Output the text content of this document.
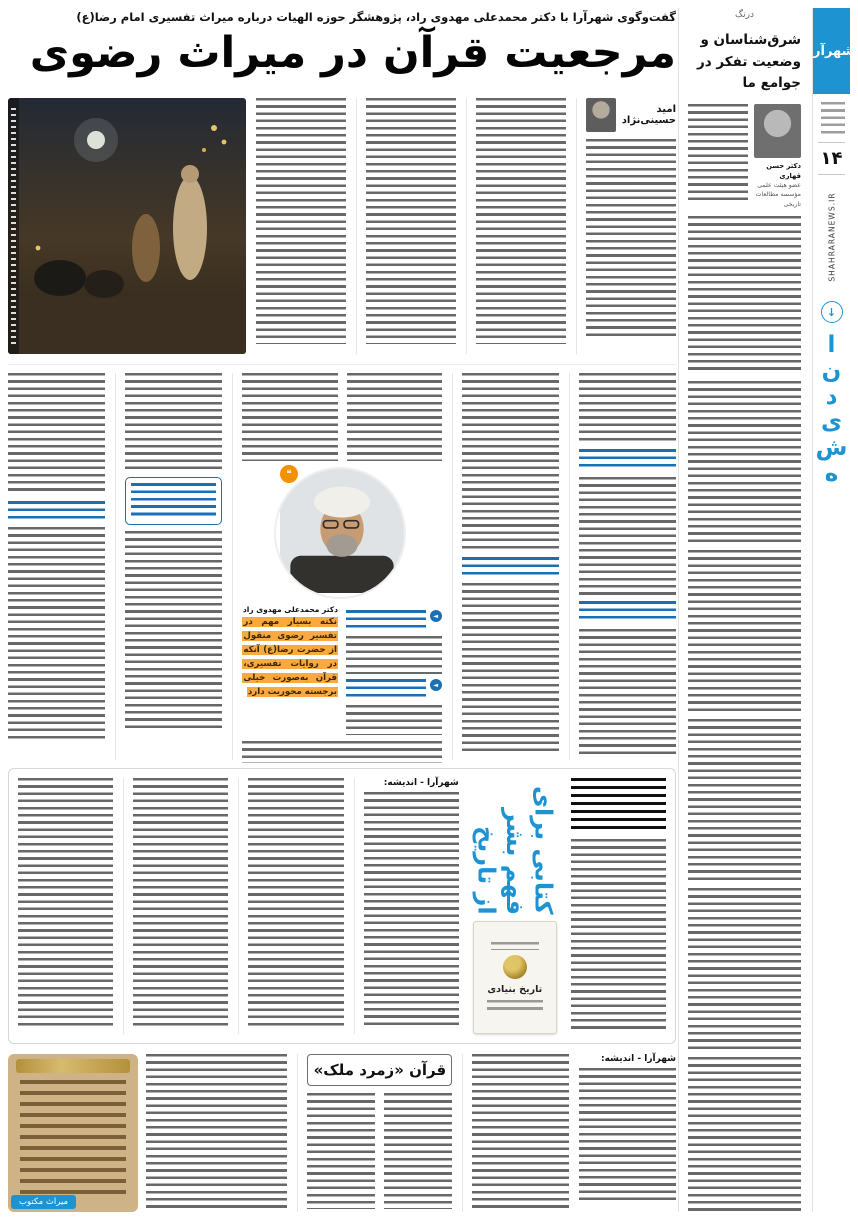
شهرآرا
۱۴
SHAHRARANEWS.IR
↓
ا
ن
د
ی
ش
ه
درنگ
شرق‌شناسان و وضعیت تفکر در جوامع ما
دکتر حسن قهاری
عضو هیئت علمی
مؤسسه مطالعات تاریخی
گفت‌وگوی شهرآرا با دکتر محمدعلی مهدوی راد، پژوهشگر حوزه الهیات درباره میراث تفسیری امام رضا(ع)
مرجعیت قرآن در میراث رضوی
امید حسینی‌نژاد
❝
◄
◄
دکتر محمدعلی مهدوی راد
نکته بسیار مهم در تفسیر رضوی منقول از حضرت رضا(ع) آنکه در روایات تفسیری، قرآن به‌صورت خیلی برجسته محوریت دارد
کتابی برای فهم بشر از تاریخ
تاریخ بنیادی
شهرآرا - اندیشه:
شهرآرا - اندیشه:
قرآن «زمرد ملک»
میراث مکتوب
